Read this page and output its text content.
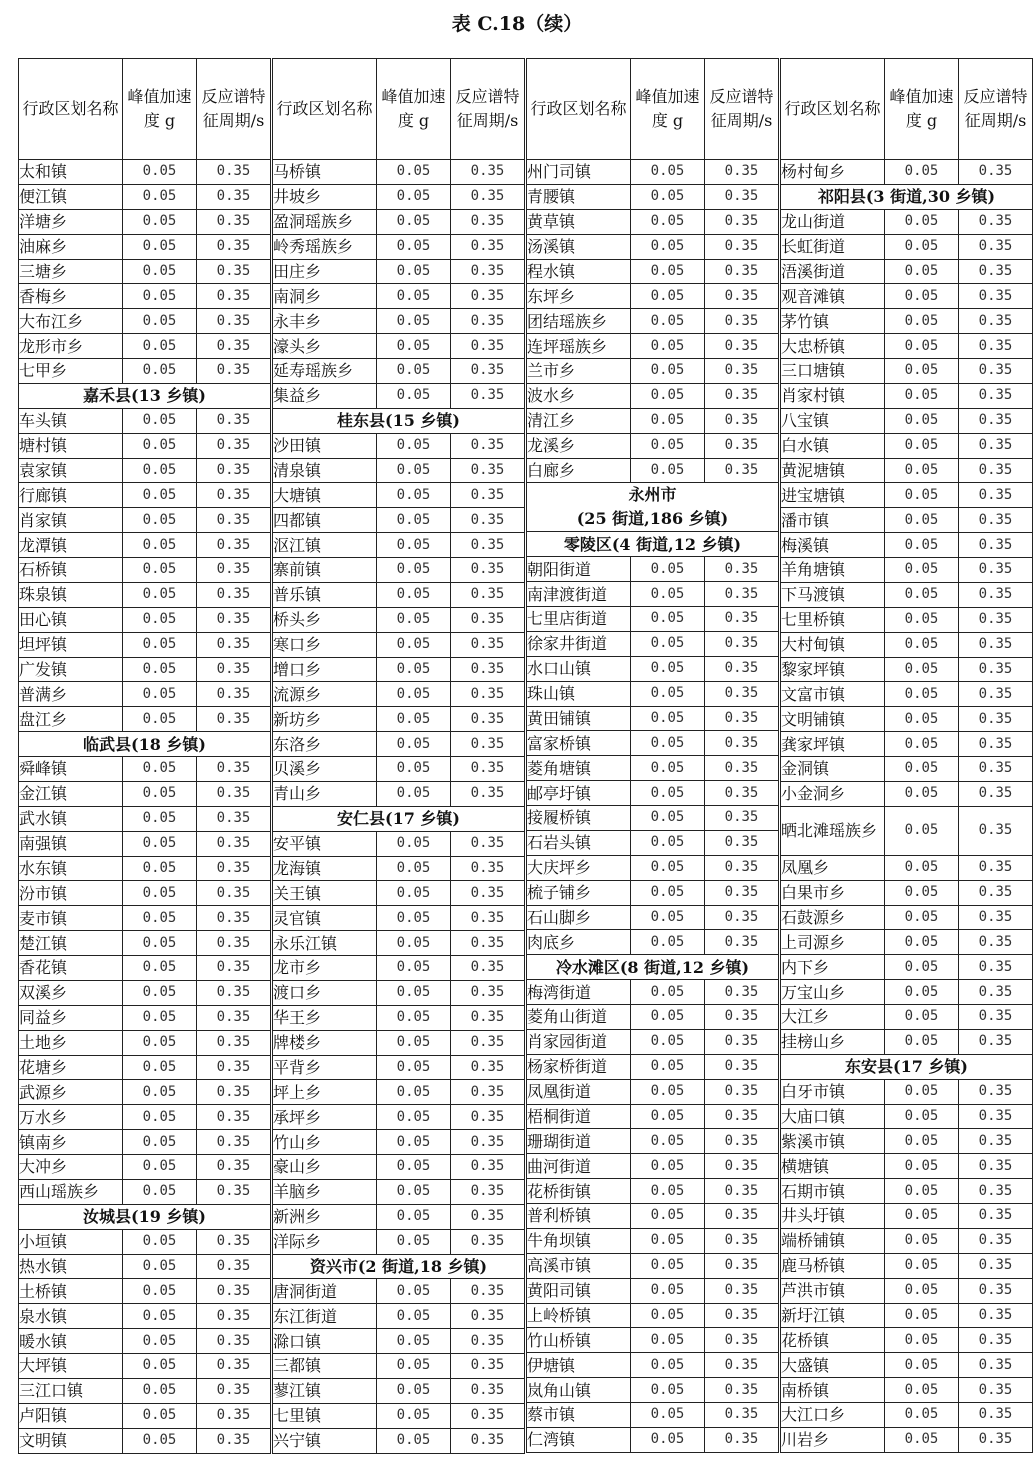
表 C.18（续）
行政区划名称	峰值加速度 g	反应谱特征周期/s
太和镇	0.05	0.35
便江镇	0.05	0.35
洋塘乡	0.05	0.35
油麻乡	0.05	0.35
三塘乡	0.05	0.35
香梅乡	0.05	0.35
大布江乡	0.05	0.35
龙形市乡	0.05	0.35
七甲乡	0.05	0.35
嘉禾县(13 乡镇)		
车头镇	0.05	0.35
塘村镇	0.05	0.35
袁家镇	0.05	0.35
行廊镇	0.05	0.35
肖家镇	0.05	0.35
龙潭镇	0.05	0.35
石桥镇	0.05	0.35
珠泉镇	0.05	0.35
田心镇	0.05	0.35
坦坪镇	0.05	0.35
广发镇	0.05	0.35
普满乡	0.05	0.35
盘江乡	0.05	0.35
临武县(18 乡镇)		
舜峰镇	0.05	0.35
金江镇	0.05	0.35
武水镇	0.05	0.35
南强镇	0.05	0.35
水东镇	0.05	0.35
汾市镇	0.05	0.35
麦市镇	0.05	0.35
楚江镇	0.05	0.35
香花镇	0.05	0.35
双溪乡	0.05	0.35
同益乡	0.05	0.35
土地乡	0.05	0.35
花塘乡	0.05	0.35
武源乡	0.05	0.35
万水乡	0.05	0.35
镇南乡	0.05	0.35
大冲乡	0.05	0.35
西山瑶族乡	0.05	0.35
汝城县(19 乡镇)		
小垣镇	0.05	0.35
热水镇	0.05	0.35
土桥镇	0.05	0.35
泉水镇	0.05	0.35
暖水镇	0.05	0.35
大坪镇	0.05	0.35
三江口镇	0.05	0.35
卢阳镇	0.05	0.35
文明镇	0.05	0.35
行政区划名称	峰值加速度 g	反应谱特征周期/s
马桥镇	0.05	0.35
井坡乡	0.05	0.35
盈洞瑶族乡	0.05	0.35
岭秀瑶族乡	0.05	0.35
田庄乡	0.05	0.35
南洞乡	0.05	0.35
永丰乡	0.05	0.35
濠头乡	0.05	0.35
延寿瑶族乡	0.05	0.35
集益乡	0.05	0.35
桂东县(15 乡镇)		
沙田镇	0.05	0.35
清泉镇	0.05	0.35
大塘镇	0.05	0.35
四都镇	0.05	0.35
沤江镇	0.05	0.35
寨前镇	0.05	0.35
普乐镇	0.05	0.35
桥头乡	0.05	0.35
寒口乡	0.05	0.35
增口乡	0.05	0.35
流源乡	0.05	0.35
新坊乡	0.05	0.35
东洛乡	0.05	0.35
贝溪乡	0.05	0.35
青山乡	0.05	0.35
安仁县(17 乡镇)		
安平镇	0.05	0.35
龙海镇	0.05	0.35
关王镇	0.05	0.35
灵官镇	0.05	0.35
永乐江镇	0.05	0.35
龙市乡	0.05	0.35
渡口乡	0.05	0.35
华王乡	0.05	0.35
牌楼乡	0.05	0.35
平背乡	0.05	0.35
坪上乡	0.05	0.35
承坪乡	0.05	0.35
竹山乡	0.05	0.35
豪山乡	0.05	0.35
羊脑乡	0.05	0.35
新洲乡	0.05	0.35
洋际乡	0.05	0.35
资兴市(2 街道,18 乡镇)		
唐洞街道	0.05	0.35
东江街道	0.05	0.35
滁口镇	0.05	0.35
三都镇	0.05	0.35
蓼江镇	0.05	0.35
七里镇	0.05	0.35
兴宁镇	0.05	0.35
行政区划名称	峰值加速度 g	反应谱特征周期/s
州门司镇	0.05	0.35
青腰镇	0.05	0.35
黄草镇	0.05	0.35
汤溪镇	0.05	0.35
程水镇	0.05	0.35
东坪乡	0.05	0.35
团结瑶族乡	0.05	0.35
连坪瑶族乡	0.05	0.35
兰市乡	0.05	0.35
波水乡	0.05	0.35
清江乡	0.05	0.35
龙溪乡	0.05	0.35
白廊乡	0.05	0.35

永州市
(25 街道,186 乡镇)		

零陵区(4 街道,12 乡镇)		
朝阳街道	0.05	0.35
南津渡街道	0.05	0.35
七里店街道	0.05	0.35
徐家井街道	0.05	0.35
水口山镇	0.05	0.35
珠山镇	0.05	0.35
黄田铺镇	0.05	0.35
富家桥镇	0.05	0.35
菱角塘镇	0.05	0.35
邮亭圩镇	0.05	0.35
接履桥镇	0.05	0.35
石岩头镇	0.05	0.35
大庆坪乡	0.05	0.35
梳子铺乡	0.05	0.35
石山脚乡	0.05	0.35
肉底乡	0.05	0.35
冷水滩区(8 街道,12 乡镇)		
梅湾街道	0.05	0.35
菱角山街道	0.05	0.35
肖家园街道	0.05	0.35
杨家桥街道	0.05	0.35
凤凰街道	0.05	0.35
梧桐街道	0.05	0.35
珊瑚街道	0.05	0.35
曲河街道	0.05	0.35
花桥街镇	0.05	0.35
普利桥镇	0.05	0.35
牛角坝镇	0.05	0.35
高溪市镇	0.05	0.35
黄阳司镇	0.05	0.35
上岭桥镇	0.05	0.35
竹山桥镇	0.05	0.35
伊塘镇	0.05	0.35
岚角山镇	0.05	0.35
蔡市镇	0.05	0.35
仁湾镇	0.05	0.35
行政区划名称	峰值加速度 g	反应谱特征周期/s
杨村甸乡	0.05	0.35
祁阳县(3 街道,30 乡镇)		
龙山街道	0.05	0.35
长虹街道	0.05	0.35
浯溪街道	0.05	0.35
观音滩镇	0.05	0.35
茅竹镇	0.05	0.35
大忠桥镇	0.05	0.35
三口塘镇	0.05	0.35
肖家村镇	0.05	0.35
八宝镇	0.05	0.35
白水镇	0.05	0.35
黄泥塘镇	0.05	0.35
进宝塘镇	0.05	0.35
潘市镇	0.05	0.35
梅溪镇	0.05	0.35
羊角塘镇	0.05	0.35
下马渡镇	0.05	0.35
七里桥镇	0.05	0.35
大村甸镇	0.05	0.35
黎家坪镇	0.05	0.35
文富市镇	0.05	0.35
文明铺镇	0.05	0.35
龚家坪镇	0.05	0.35
金洞镇	0.05	0.35
小金洞乡	0.05	0.35
晒北滩瑶族乡	0.05	0.35
凤凰乡	0.05	0.35
白果市乡	0.05	0.35
石鼓源乡	0.05	0.35
上司源乡	0.05	0.35
内下乡	0.05	0.35
万宝山乡	0.05	0.35
大江乡	0.05	0.35
挂榜山乡	0.05	0.35
东安县(17 乡镇)		
白牙市镇	0.05	0.35
大庙口镇	0.05	0.35
紫溪市镇	0.05	0.35
横塘镇	0.05	0.35
石期市镇	0.05	0.35
井头圩镇	0.05	0.35
端桥铺镇	0.05	0.35
鹿马桥镇	0.05	0.35
芦洪市镇	0.05	0.35
新圩江镇	0.05	0.35
花桥镇	0.05	0.35
大盛镇	0.05	0.35
南桥镇	0.05	0.35
大江口乡	0.05	0.35
川岩乡	0.05	0.35
